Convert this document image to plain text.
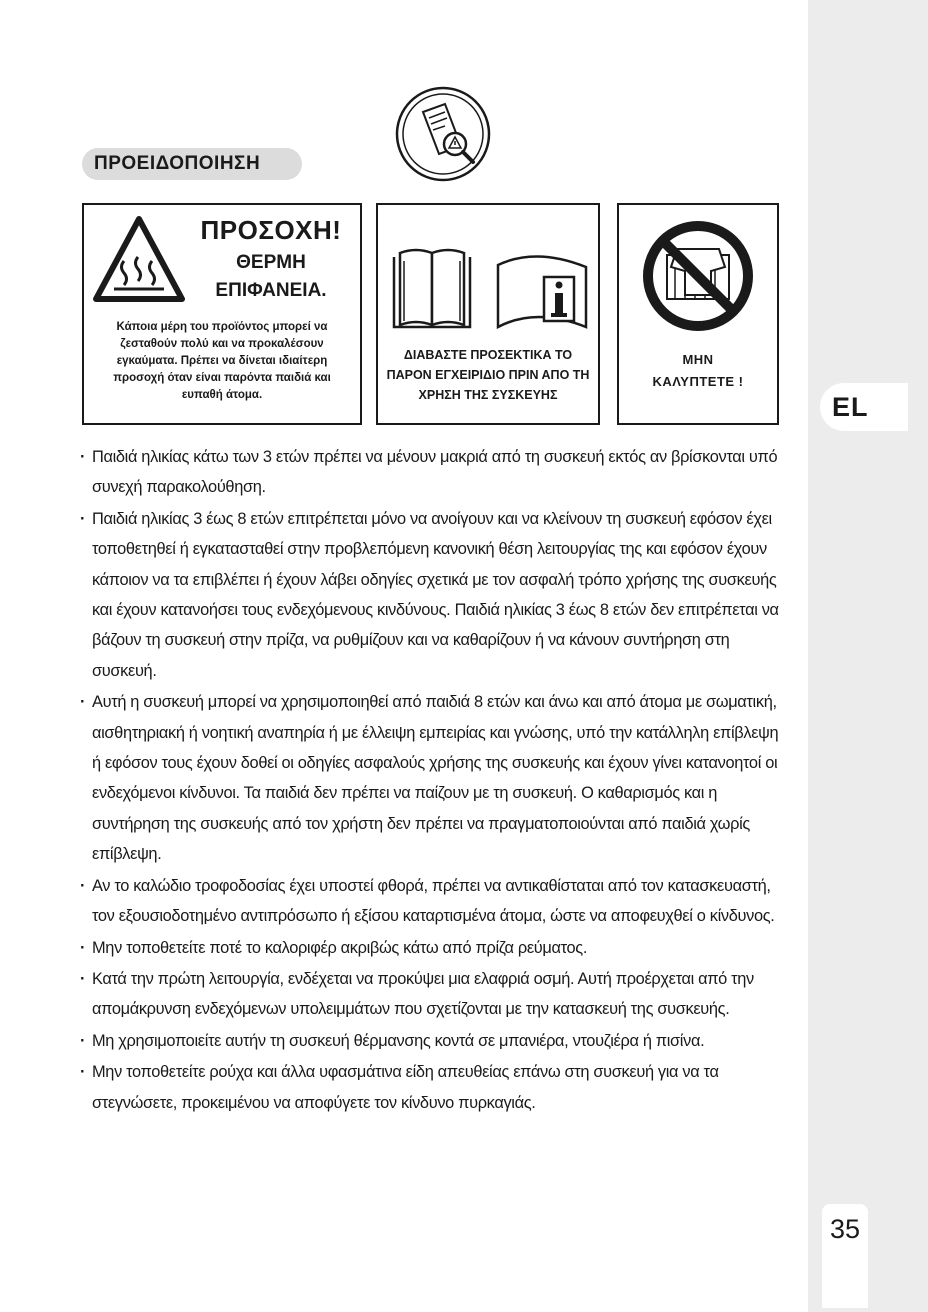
EL
35
ΠΡΟΕΙΔΟΠΟΙΗΣΗ
ΠΡΟΣΟΧΗ!
ΘΕΡΜΗ
ΕΠΙΦΑΝΕΙΑ.
Κάποια μέρη του προϊόντος μπορεί να ζεσταθούν πολύ και να προκαλέσουν εγκαύματα. Πρέπει να δίνεται ιδιαίτερη προσοχή όταν είναι παρόντα παιδιά και ευπαθή άτομα.
ΔΙΑΒΑΣΤΕ ΠΡΟΣΕΚΤΙΚΑ ΤΟ ΠΑΡΟΝ ΕΓΧΕΙΡΙΔΙΟ ΠΡΙΝ ΑΠΟ ΤΗ ΧΡΗΣΗ ΤΗΣ ΣΥΣΚΕΥΗΣ
ΜΗΝ
ΚΑΛΥΠΤΕΤΕ !
· Παιδιά ηλικίας κάτω των 3 ετών πρέπει να μένουν μακριά από τη συσκευή εκτός αν βρίσκονται υπό συνεχή παρακολούθηση.
· Παιδιά ηλικίας 3 έως 8 ετών επιτρέπεται μόνο να ανοίγουν και να κλείνουν τη συσκευή εφόσον έχει τοποθετηθεί ή εγκατασταθεί στην προβλεπόμενη κανονική θέση λειτουργίας της και εφόσον έχουν κάποιον να τα επιβλέπει ή έχουν λάβει οδηγίες σχετικά με τον ασφαλή τρόπο χρήσης της συσκευής και έχουν κατανοήσει τους ενδεχόμενους κινδύνους. Παιδιά ηλικίας 3 έως 8 ετών δεν επιτρέπεται να βάζουν τη συσκευή στην πρίζα, να ρυθμίζουν και να καθαρίζουν ή να κάνουν συντήρηση στη συσκευή.
· Αυτή η συσκευή μπορεί να χρησιμοποιηθεί από παιδιά 8 ετών και άνω και από άτομα με σωματική, αισθητηριακή ή νοητική αναπηρία ή με έλλειψη εμπειρίας και γνώσης, υπό την κατάλληλη επίβλεψη ή εφόσον τους έχουν δοθεί οι οδηγίες ασφαλούς χρήσης της συσκευής και έχουν γίνει κατανοητοί οι ενδεχόμενοι κίνδυνοι. Τα παιδιά δεν πρέπει να παίζουν με τη συσκευή. Ο καθαρισμός και η συντήρηση της συσκευής από τον χρήστη δεν πρέπει να πραγματοποιούνται από παιδιά χωρίς επίβλεψη.
· Αν το καλώδιο τροφοδοσίας έχει υποστεί φθορά, πρέπει να αντικαθίσταται από τον κατασκευαστή, τον εξουσιοδοτημένο αντιπρόσωπο ή εξίσου καταρτισμένα άτομα, ώστε να αποφευχθεί ο κίνδυνος.
· Μην τοποθετείτε ποτέ το καλοριφέρ ακριβώς κάτω από πρίζα ρεύματος.
· Κατά την πρώτη λειτουργία, ενδέχεται να προκύψει μια ελαφριά οσμή. Αυτή προέρχεται από την απομάκρυνση ενδεχόμενων υπολειμμάτων που σχετίζονται με την κατασκευή της συσκευής.
· Μη χρησιμοποιείτε αυτήν τη συσκευή θέρμανσης κοντά σε μπανιέρα, ντουζιέρα ή πισίνα.
· Μην τοποθετείτε ρούχα και άλλα υφασμάτινα είδη απευθείας επάνω στη συσκευή για να τα στεγνώσετε, προκειμένου να αποφύγετε τον κίνδυνο πυρκαγιάς.
